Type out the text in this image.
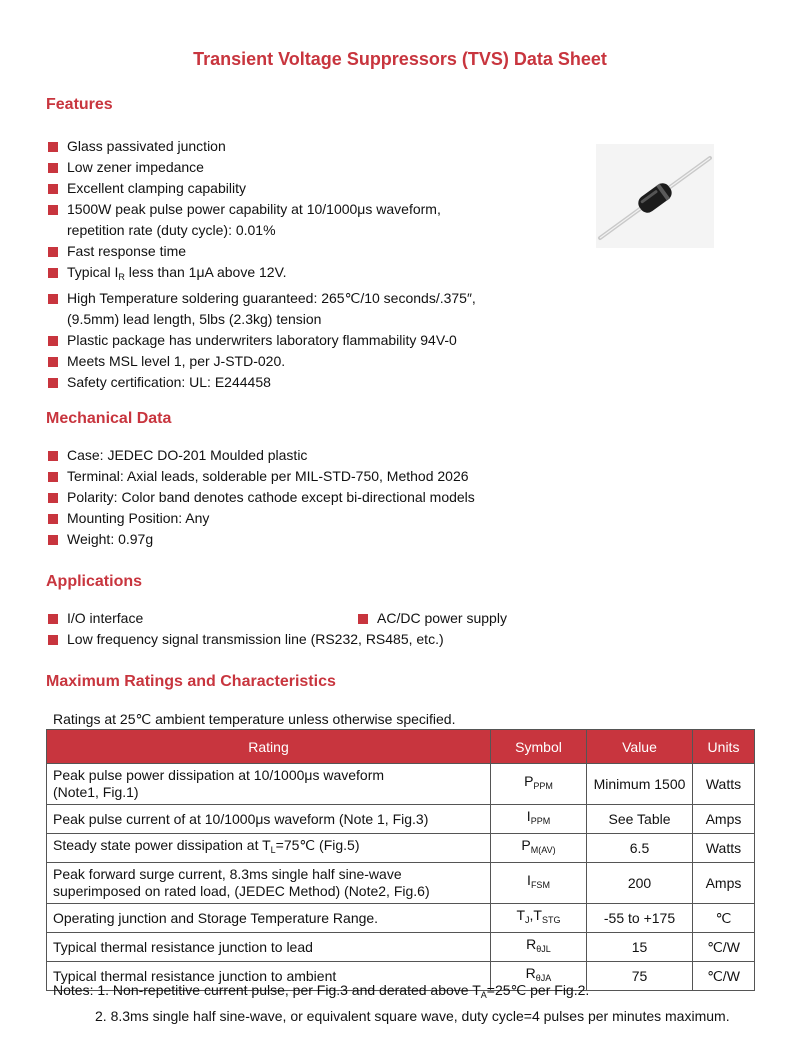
Transient Voltage Suppressors (TVS) Data Sheet
Features
Glass passivated junction
Low zener impedance
Excellent clamping capability
1500W peak pulse power capability at 10/1000μs waveform,
repetition rate (duty cycle): 0.01%
Fast response time
Typical $I_R$ less than 1μA above 12V.
High Temperature soldering guaranteed: 265℃/10 seconds/.375″,
(9.5mm) lead length, 5lbs (2.3kg) tension
Plastic package has underwriters laboratory flammability 94V-0
Meets MSL level 1, per J-STD-020.
Safety certification: UL: E244458
Mechanical Data
Case: JEDEC DO-201 Moulded plastic
Terminal: Axial leads, solderable per MIL-STD-750, Method 2026
Polarity: Color band denotes cathode except bi-directional models
Mounting Position: Any
Weight: 0.97g
Applications
I/O interface	AC/DC power supply
Low frequency signal transmission line (RS232, RS485, etc.)
Maximum Ratings and Characteristics
Ratings at 25℃ ambient temperature unless otherwise specified.
Rating	Symbol	Value	Units
Peak pulse power dissipation at 10/1000μs waveform
(Note1, Fig.1)	$P_{PPM}$	Minimum 1500	Watts
Peak pulse current of at 10/1000μs waveform (Note 1, Fig.3)	$I_{PPM}$	See Table	Amps
Steady state power dissipation at $T_L=75℃$ (Fig.5)	$P_{M(AV)}$	6.5	Watts
Peak forward surge current, 8.3ms single half sine-wave
superimposed on rated load, (JEDEC Method) (Note2, Fig.6)	$I_{FSM}$	200	Amps
Operating junction and Storage Temperature Range.	$T_J,T_{STG}$	-55 to +175	℃
Typical thermal resistance junction to lead	$R_{\theta JL}$	15	℃/W
Typical thermal resistance junction to ambient	$R_{\theta JA}$	75	℃/W
Notes: 1. Non-repetitive current pulse, per Fig.3 and derated above $T_A=25℃$ per Fig.2.
2. 8.3ms single half sine-wave, or equivalent square wave, duty cycle=4 pulses per minutes maximum.
